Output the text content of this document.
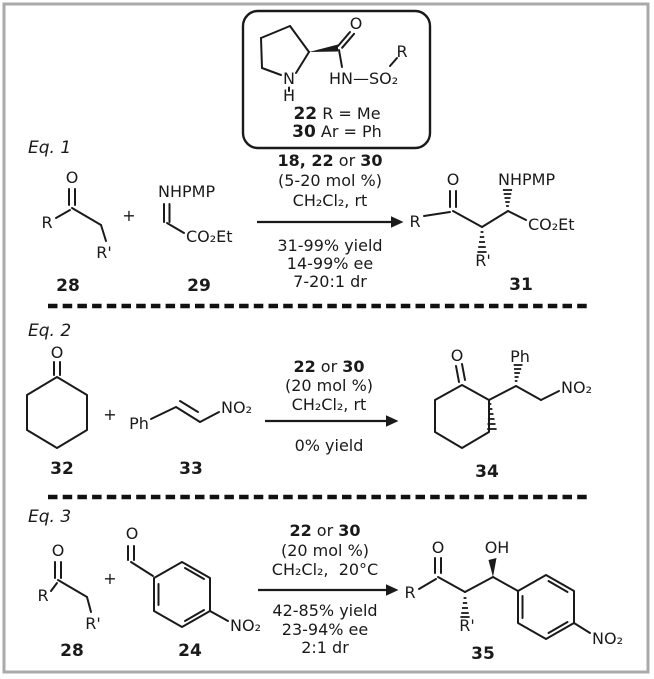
N
H
O
HN—SO₂
R
22 R = Me
30 Ar = Ph
Eq. 1
O
R
R'
28
+
NHPMP
CO₂Et
29
18, 22 or 30
(5-20 mol %)
CH₂Cl₂, rt
31-99% yield
14-99% ee
7-20:1 dr
R
O
R'
NHPMP
CO₂Et
31
Eq. 2
O
32
+ Ph
NO₂
33
22 or 30
(20 mol %)
CH₂Cl₂, rt
0% yield
O	Ph
NO₂
34
Eq. 3
O
R
R'
28
+
O
NO₂
24
22 or 30
(20 mol %)
CH₂Cl₂,  20°C
42-85% yield
23-94% ee
2:1 dr
R
O
R'
OH
NO₂
35
